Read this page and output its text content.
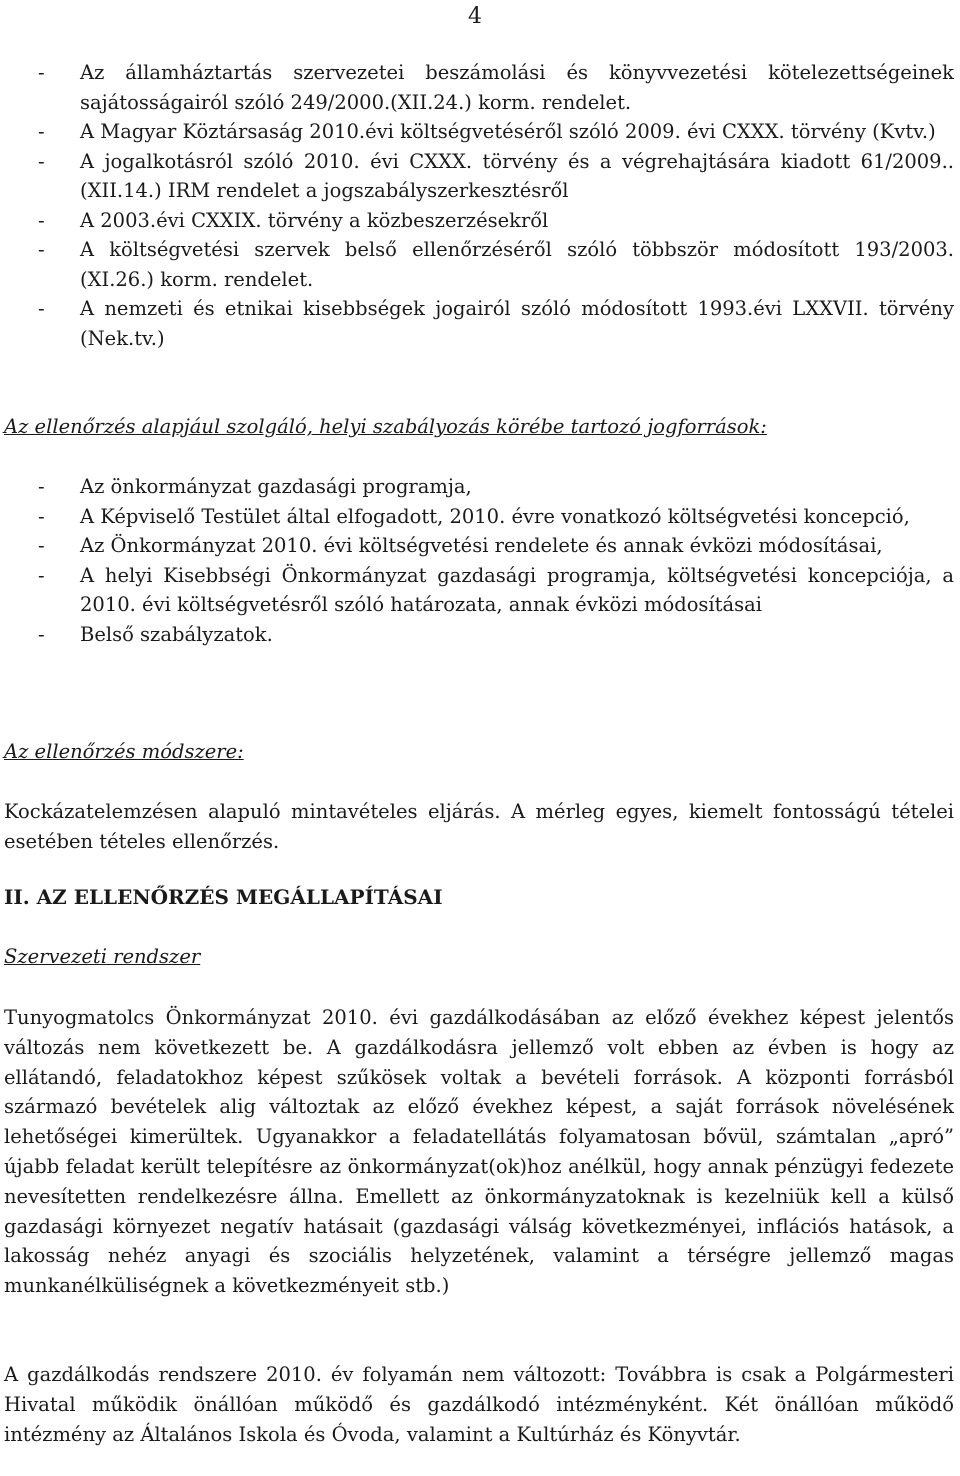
4
- Az államháztartás szervezetei beszámolási és könyvvezetési kötelezettségeinek sajátosságairól szóló 249/2000.(XII.24.) korm. rendelet.
- A Magyar Köztársaság 2010.évi költségvetéséről szóló 2009. évi CXXX. törvény (Kvtv.)
- A jogalkotásról szóló 2010. évi CXXX. törvény és a végrehajtására kiadott 61/2009..(XII.14.) IRM rendelet a jogszabályszerkesztésről
- A 2003.évi CXXIX. törvény a közbeszerzésekről
- A költségvetési szervek belső ellenőrzéséről szóló többször módosított 193/2003.(XI.26.) korm. rendelet.
- A nemzeti és etnikai kisebbségek jogairól szóló módosított 1993.évi LXXVII. törvény (Nek.tv.)
Az ellenőrzés alapjául szolgáló, helyi szabályozás körébe tartozó jogforrások:
- Az önkormányzat gazdasági programja,
- A Képviselő Testület által elfogadott, 2010. évre vonatkozó költségvetési koncepció,
- Az Önkormányzat 2010. évi költségvetési rendelete és annak évközi módosításai,
- A helyi Kisebbségi Önkormányzat gazdasági programja, költségvetési koncepciója, a 2010. évi költségvetésről szóló határozata, annak évközi módosításai
- Belső szabályzatok.
Az ellenőrzés módszere:
Kockázatelemzésen alapuló mintavételes eljárás. A mérleg egyes, kiemelt fontosságú tételei esetében tételes ellenőrzés.
II. AZ ELLENŐRZÉS MEGÁLLAPÍTÁSAI
Szervezeti rendszer
Tunyogmatolcs Önkormányzat 2010. évi gazdálkodásában az előző évekhez képest jelentős változás nem következett be. A gazdálkodásra jellemző volt ebben az évben is hogy az ellátandó, feladatokhoz képest szűkösek voltak a bevételi források. A központi forrásból származó bevételek alig változtak az előző évekhez képest, a saját források növelésének lehetőségei kimerültek. Ugyanakkor a feladatellátás folyamatosan bővül, számtalan „apró” újabb feladat került telepítésre az önkormányzat(ok)hoz anélkül, hogy annak pénzügyi fedezete nevesítetten rendelkezésre állna. Emellett az önkormányzatoknak is kezelniük kell a külső gazdasági környezet negatív hatásait (gazdasági válság következményei, inflációs hatások, a lakosság nehéz anyagi és szociális helyzetének, valamint a térségre jellemző magas munkanélküliségnek a következményeit stb.)
A gazdálkodás rendszere 2010. év folyamán nem változott: Továbbra is csak a Polgármesteri Hivatal működik önállóan működő és gazdálkodó intézményként. Két önállóan működő intézmény az Általános Iskola és Óvoda, valamint a Kultúrház és Könyvtár.
